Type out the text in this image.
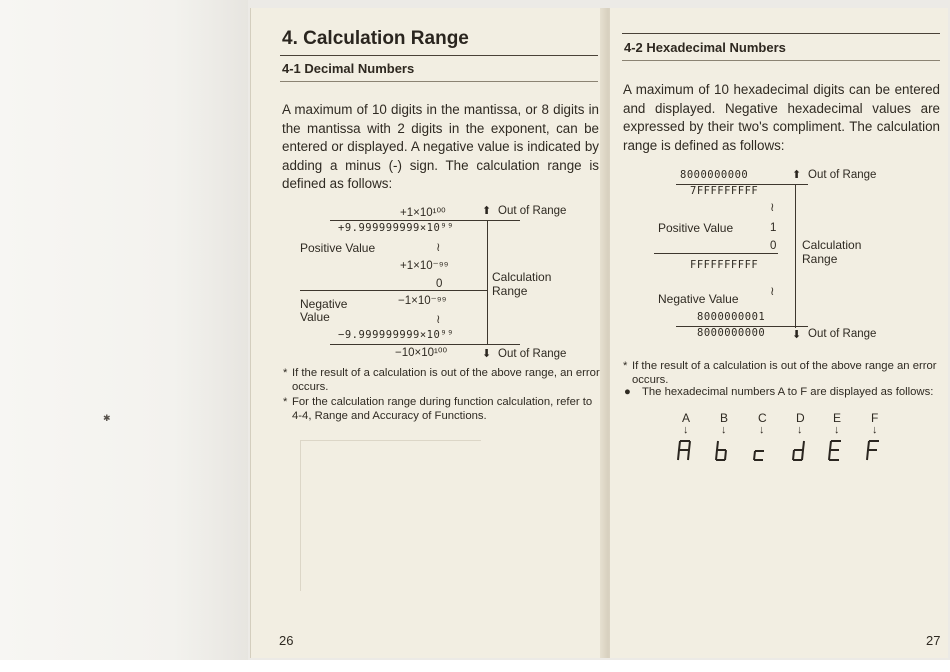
✱
4. Calculation Range
4-1 Decimal Numbers
A maximum of 10 digits in the mantissa, or 8 digits in the mantissa with 2 digits in the exponent, can be entered or displayed. A negative value is indicated by adding a minus (-) sign. The calculation range is defined as follows:
+1×10¹⁰⁰	⬆ Out of Range
+9.999999999×10⁹⁹
Positive Value	≀
+1×10⁻⁹⁹
0	Calculation
Range
Negative
Value
−1×10⁻⁹⁹
≀
−9.999999999×10⁹⁹
−10×10¹⁰⁰	⬇ Out of Range
* If the result of a calculation is out of the above range, an error occurs.
* For the calculation range during function calculation, refer to 4-4, Range and Accuracy of Functions.
26
4-2 Hexadecimal Numbers
A maximum of 10 hexadecimal digits can be entered and displayed. Negative hexadecimal values are expressed by their two's compliment. The calculation range is defined as follows:
8000000000	⬆ Out of Range
7FFFFFFFFF
≀
Positive Value	1
0 Calculation
Range
FFFFFFFFFF
≀
Negative Value
8000000001
8000000000 ⬇ Out of Range
* If the result of a calculation is out of the above range an error occurs.
● The hexadecimal numbers A to F are displayed as follows:
A B C D E F
↓	↓	↓	↓	↓	↓
27
